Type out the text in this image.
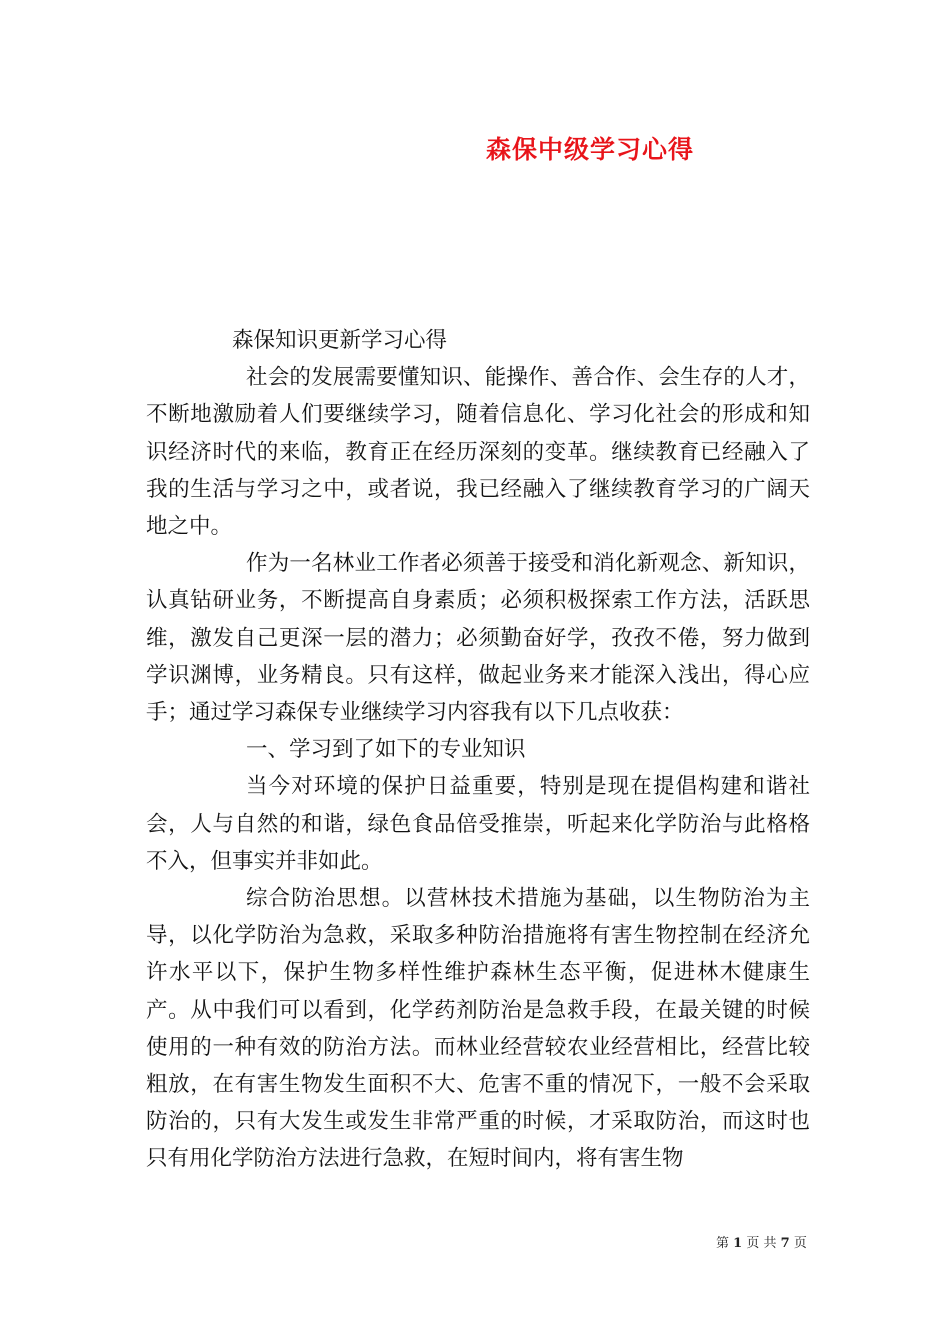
森保中级学习心得

森保知识更新学习心得

社会的发展需要懂知识、能操作、善合作、会生存的人才，不断地激励着人们要继续学习，随着信息化、学习化社会的形成和知识经济时代的来临，教育正在经历深刻的变革。继续教育已经融入了我的生活与学习之中，或者说，我已经融入了继续教育学习的广阔天地之中。

作为一名林业工作者必须善于接受和消化新观念、新知识，认真钻研业务，不断提高自身素质；必须积极探索工作方法，活跃思维，激发自己更深一层的潜力；必须勤奋好学，孜孜不倦，努力做到学识渊博，业务精良。只有这样，做起业务来才能深入浅出，得心应手；通过学习森保专业继续学习内容我有以下几点收获：

一、学习到了如下的专业知识

当今对环境的保护日益重要，特别是现在提倡构建和谐社会，人与自然的和谐，绿色食品倍受推崇，听起来化学防治与此格格不入，但事实并非如此。

综合防治思想。以营林技术措施为基础，以生物防治为主导，以化学防治为急救，采取多种防治措施将有害生物控制在经济允许水平以下，保护生物多样性维护森林生态平衡，促进林木健康生产。从中我们可以看到，化学药剂防治是急救手段，在最关键的时候使用的一种有效的防治方法。而林业经营较农业经营相比，经营比较粗放，在有害生物发生面积不大、危害不重的情况下，一般不会采取防治的，只有大发生或发生非常严重的时候，才采取防治，而这时也只有用化学防治方法进行急救，在短时间内，将有害生物

第 1 页 共 7 页
